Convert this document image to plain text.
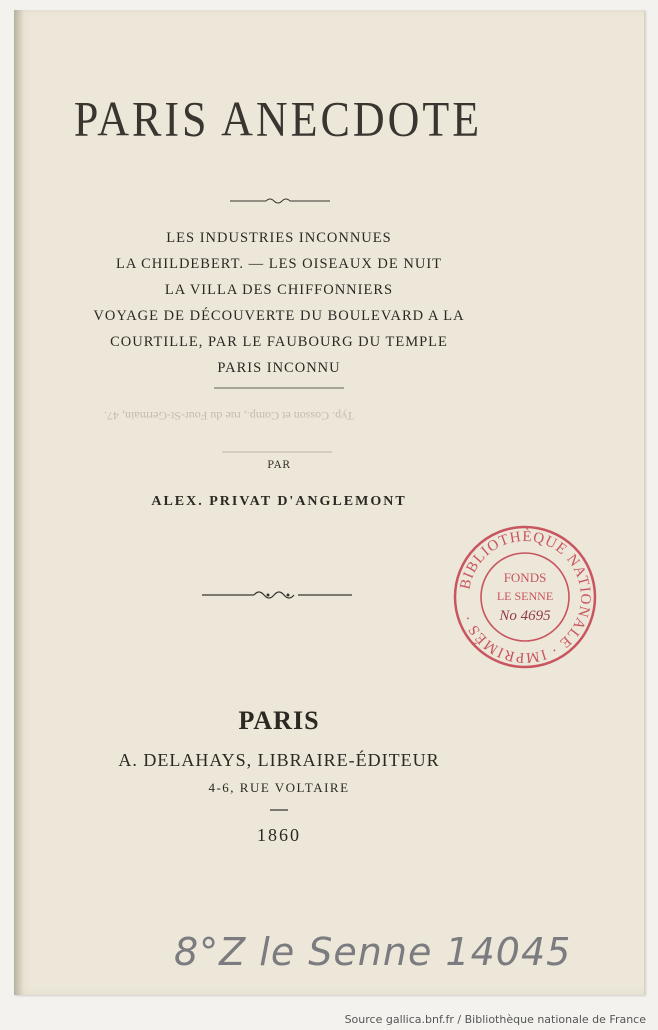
PARIS ANECDOTE
LES INDUSTRIES INCONNUES
LA CHILDEBERT. — LES OISEAUX DE NUIT
LA VILLA DES CHIFFONNIERS
VOYAGE DE DÉCOUVERTE DU BOULEVARD A LA
COURTILLE, PAR LE FAUBOURG DU TEMPLE
PARIS INCONNU
Typ. Cosson et Comp., rue du Four-St-Germain, 47.
PAR
ALEX. PRIVAT D'ANGLEMONT
BIBLIOTHÈQUE NATIONALE · IMPRIMÉS ·
FONDS
LE SENNE
No 4695
PARIS
A. DELAHAYS, LIBRAIRE-ÉDITEUR
4-6, RUE VOLTAIRE
1860
8°Z le Senne 14045
Source gallica.bnf.fr / Bibliothèque nationale de France
